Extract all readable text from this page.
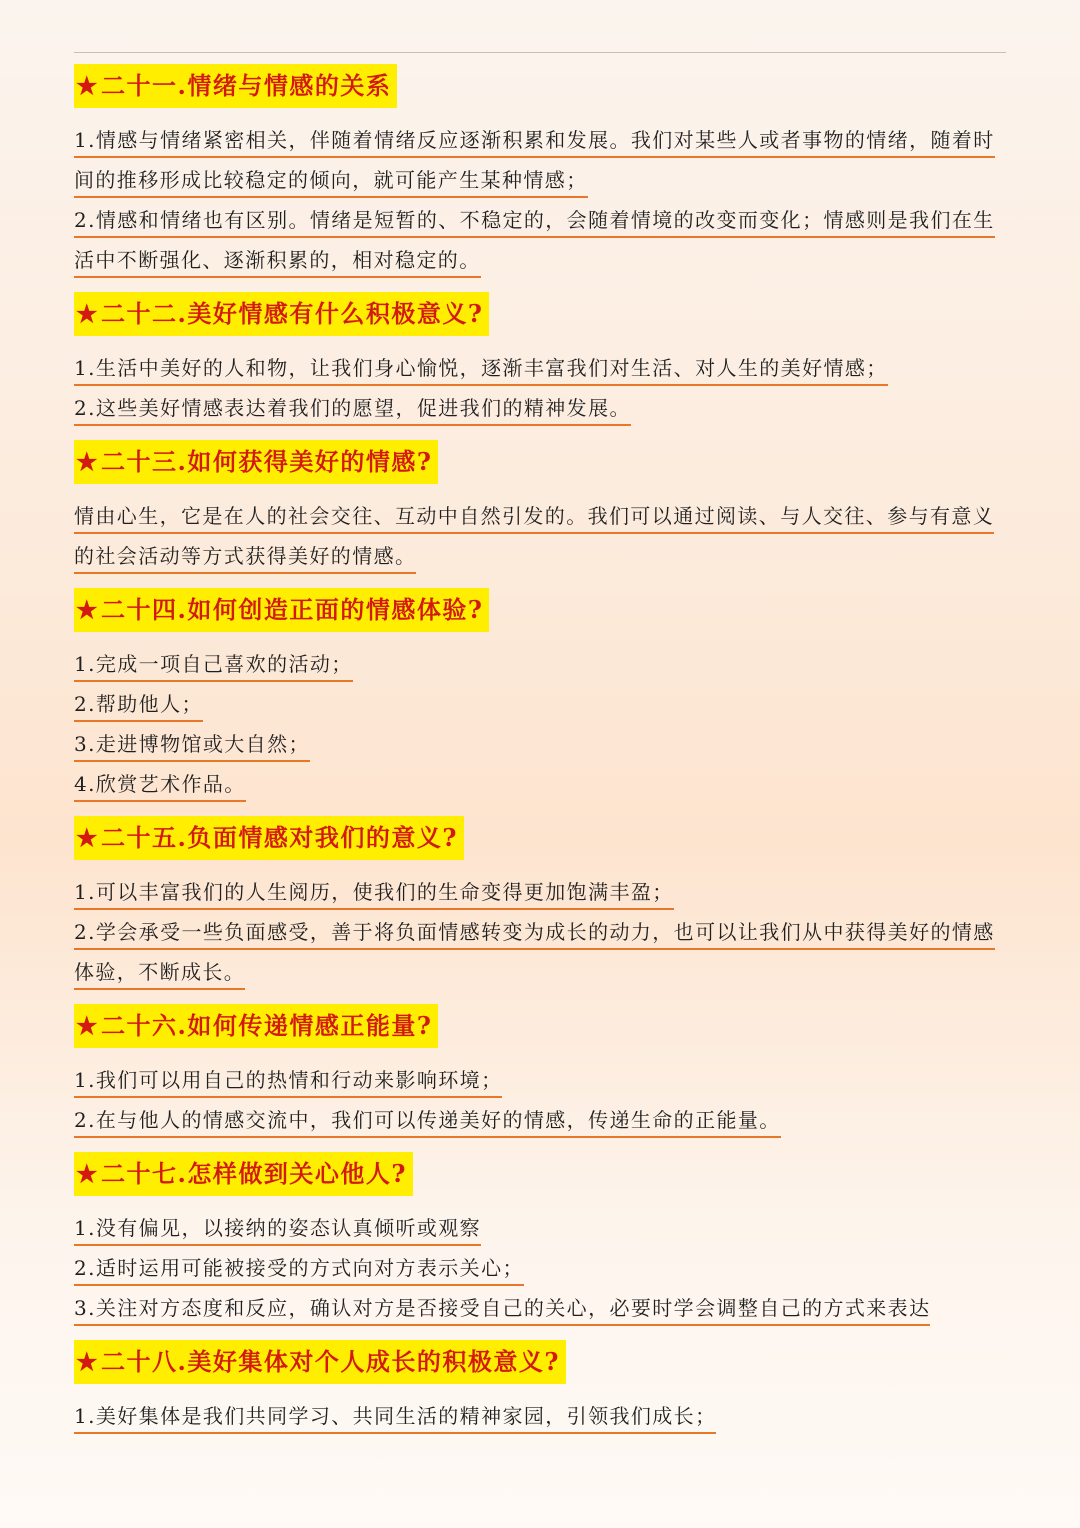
★二十一.情绪与情感的关系

1.情感与情绪紧密相关，伴随着情绪反应逐渐积累和发展。我们对某些人或者事物的情绪，随着时间的推移形成比较稳定的倾向，就可能产生某种情感；

2.情感和情绪也有区别。情绪是短暂的、不稳定的，会随着情境的改变而变化；情感则是我们在生活中不断强化、逐渐积累的，相对稳定的。

★二十二.美好情感有什么积极意义?

1.生活中美好的人和物，让我们身心愉悦，逐渐丰富我们对生活、对人生的美好情感；

2.这些美好情感表达着我们的愿望，促进我们的精神发展。

★二十三.如何获得美好的情感?

情由心生，它是在人的社会交往、互动中自然引发的。我们可以通过阅读、与人交往、参与有意义的社会活动等方式获得美好的情感。

★二十四.如何创造正面的情感体验?

1.完成一项自己喜欢的活动；

2.帮助他人；

3.走进博物馆或大自然；

4.欣赏艺术作品。

★二十五.负面情感对我们的意义?

1.可以丰富我们的人生阅历，使我们的生命变得更加饱满丰盈；

2.学会承受一些负面感受，善于将负面情感转变为成长的动力，也可以让我们从中获得美好的情感体验，不断成长。

★二十六.如何传递情感正能量?

1.我们可以用自己的热情和行动来影响环境；

2.在与他人的情感交流中，我们可以传递美好的情感，传递生命的正能量。

★二十七.怎样做到关心他人?

1.没有偏见，以接纳的姿态认真倾听或观察

2.适时运用可能被接受的方式向对方表示关心；

3.关注对方态度和反应，确认对方是否接受自己的关心，必要时学会调整自己的方式来表达

★二十八.美好集体对个人成长的积极意义?

1.美好集体是我们共同学习、共同生活的精神家园，引领我们成长；
